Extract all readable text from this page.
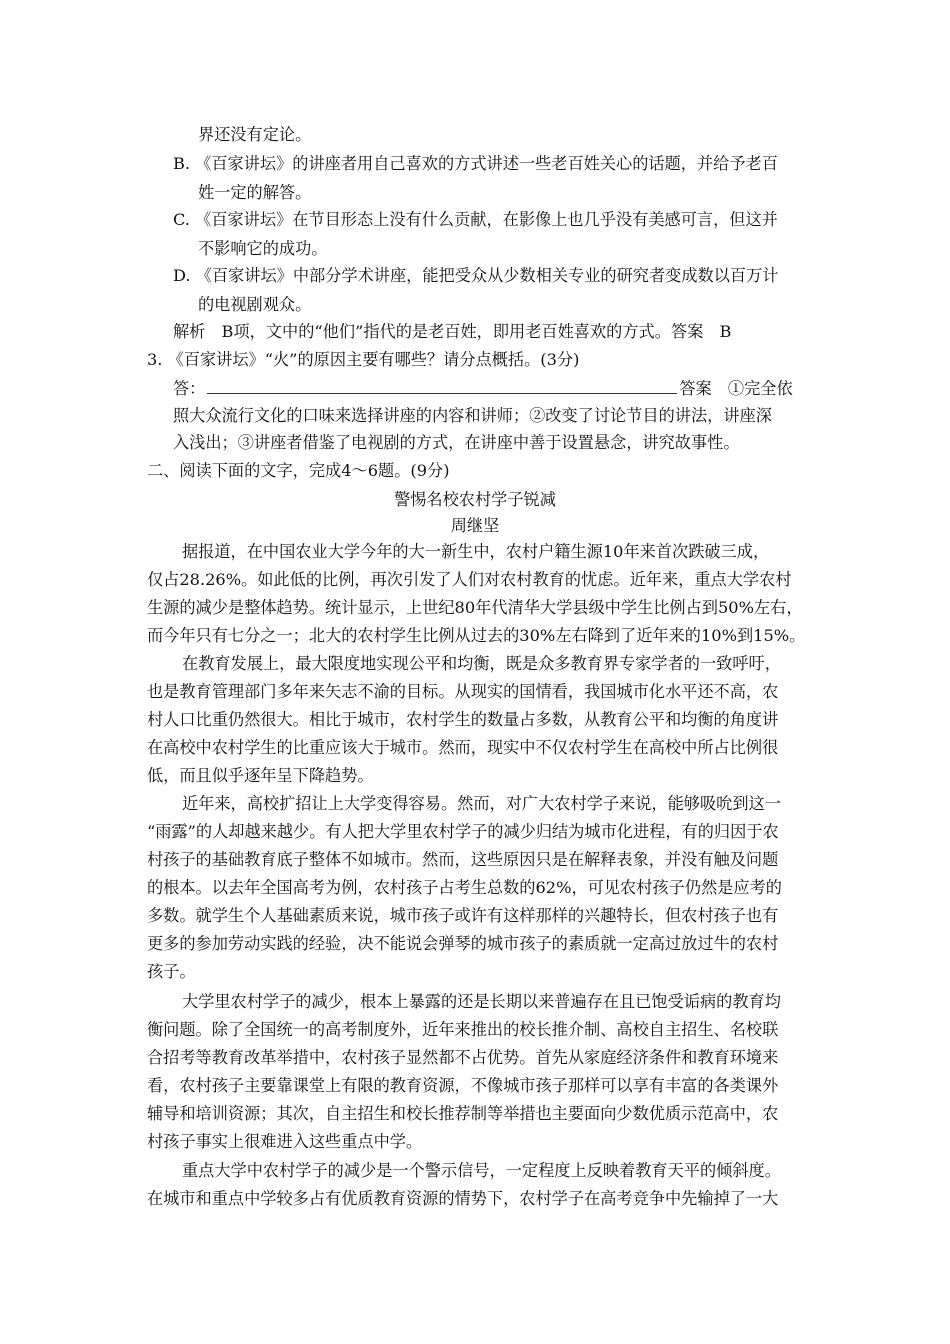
界还没有定论。
B. 《百家讲坛》的讲座者用自己喜欢的方式讲述一些老百姓关心的话题，并给予老百
姓一定的解答。
C. 《百家讲坛》在节目形态上没有什么贡献，在影像上也几乎没有美感可言，但这并
不影响它的成功。
D. 《百家讲坛》中部分学术讲座，能把受众从少数相关专业的研究者变成数以百万计
的电视剧观众。
解析　B项，文中的“他们”指代的是老百姓，即用老百姓喜欢的方式。答案　B
3. 《百家讲坛》“火”的原因主要有哪些？请分点概括。(3分)
答：	答案　①完全依
照大众流行文化的口味来选择讲座的内容和讲师；②改变了讨论节目的讲法，讲座深
入浅出；③讲座者借鉴了电视剧的方式，在讲座中善于设置悬念，讲究故事性。
二、阅读下面的文字，完成4～6题。(9分)
警惕名校农村学子锐减
周继坚
据报道，在中国农业大学今年的大一新生中，农村户籍生源10年来首次跌破三成，
仅占28.26%。如此低的比例，再次引发了人们对农村教育的忧虑。近年来，重点大学农村
生源的减少是整体趋势。统计显示，上世纪80年代清华大学县级中学生比例占到50%左右，
而今年只有七分之一；北大的农村学生比例从过去的30%左右降到了近年来的10%到15%。
在教育发展上，最大限度地实现公平和均衡，既是众多教育界专家学者的一致呼吁，
也是教育管理部门多年来矢志不渝的目标。从现实的国情看，我国城市化水平还不高，农
村人口比重仍然很大。相比于城市，农村学生的数量占多数，从教育公平和均衡的角度讲
在高校中农村学生的比重应该大于城市。然而，现实中不仅农村学生在高校中所占比例很
低，而且似乎逐年呈下降趋势。
近年来，高校扩招让上大学变得容易。然而，对广大农村学子来说，能够吸吮到这一
“雨露”的人却越来越少。有人把大学里农村学子的减少归结为城市化进程，有的归因于农
村孩子的基础教育底子整体不如城市。然而，这些原因只是在解释表象，并没有触及问题
的根本。以去年全国高考为例，农村孩子占考生总数的62%，可见农村孩子仍然是应考的
多数。就学生个人基础素质来说，城市孩子或许有这样那样的兴趣特长，但农村孩子也有
更多的参加劳动实践的经验，决不能说会弹琴的城市孩子的素质就一定高过放过牛的农村
孩子。
大学里农村学子的减少，根本上暴露的还是长期以来普遍存在且已饱受诟病的教育均
衡问题。除了全国统一的高考制度外，近年来推出的校长推介制、高校自主招生、名校联
合招考等教育改革举措中，农村孩子显然都不占优势。首先从家庭经济条件和教育环境来
看，农村孩子主要靠课堂上有限的教育资源，不像城市孩子那样可以享有丰富的各类课外
辅导和培训资源；其次，自主招生和校长推荐制等举措也主要面向少数优质示范高中，农
村孩子事实上很难进入这些重点中学。
重点大学中农村学子的减少是一个警示信号，一定程度上反映着教育天平的倾斜度。
在城市和重点中学较多占有优质教育资源的情势下，农村学子在高考竞争中先输掉了一大
